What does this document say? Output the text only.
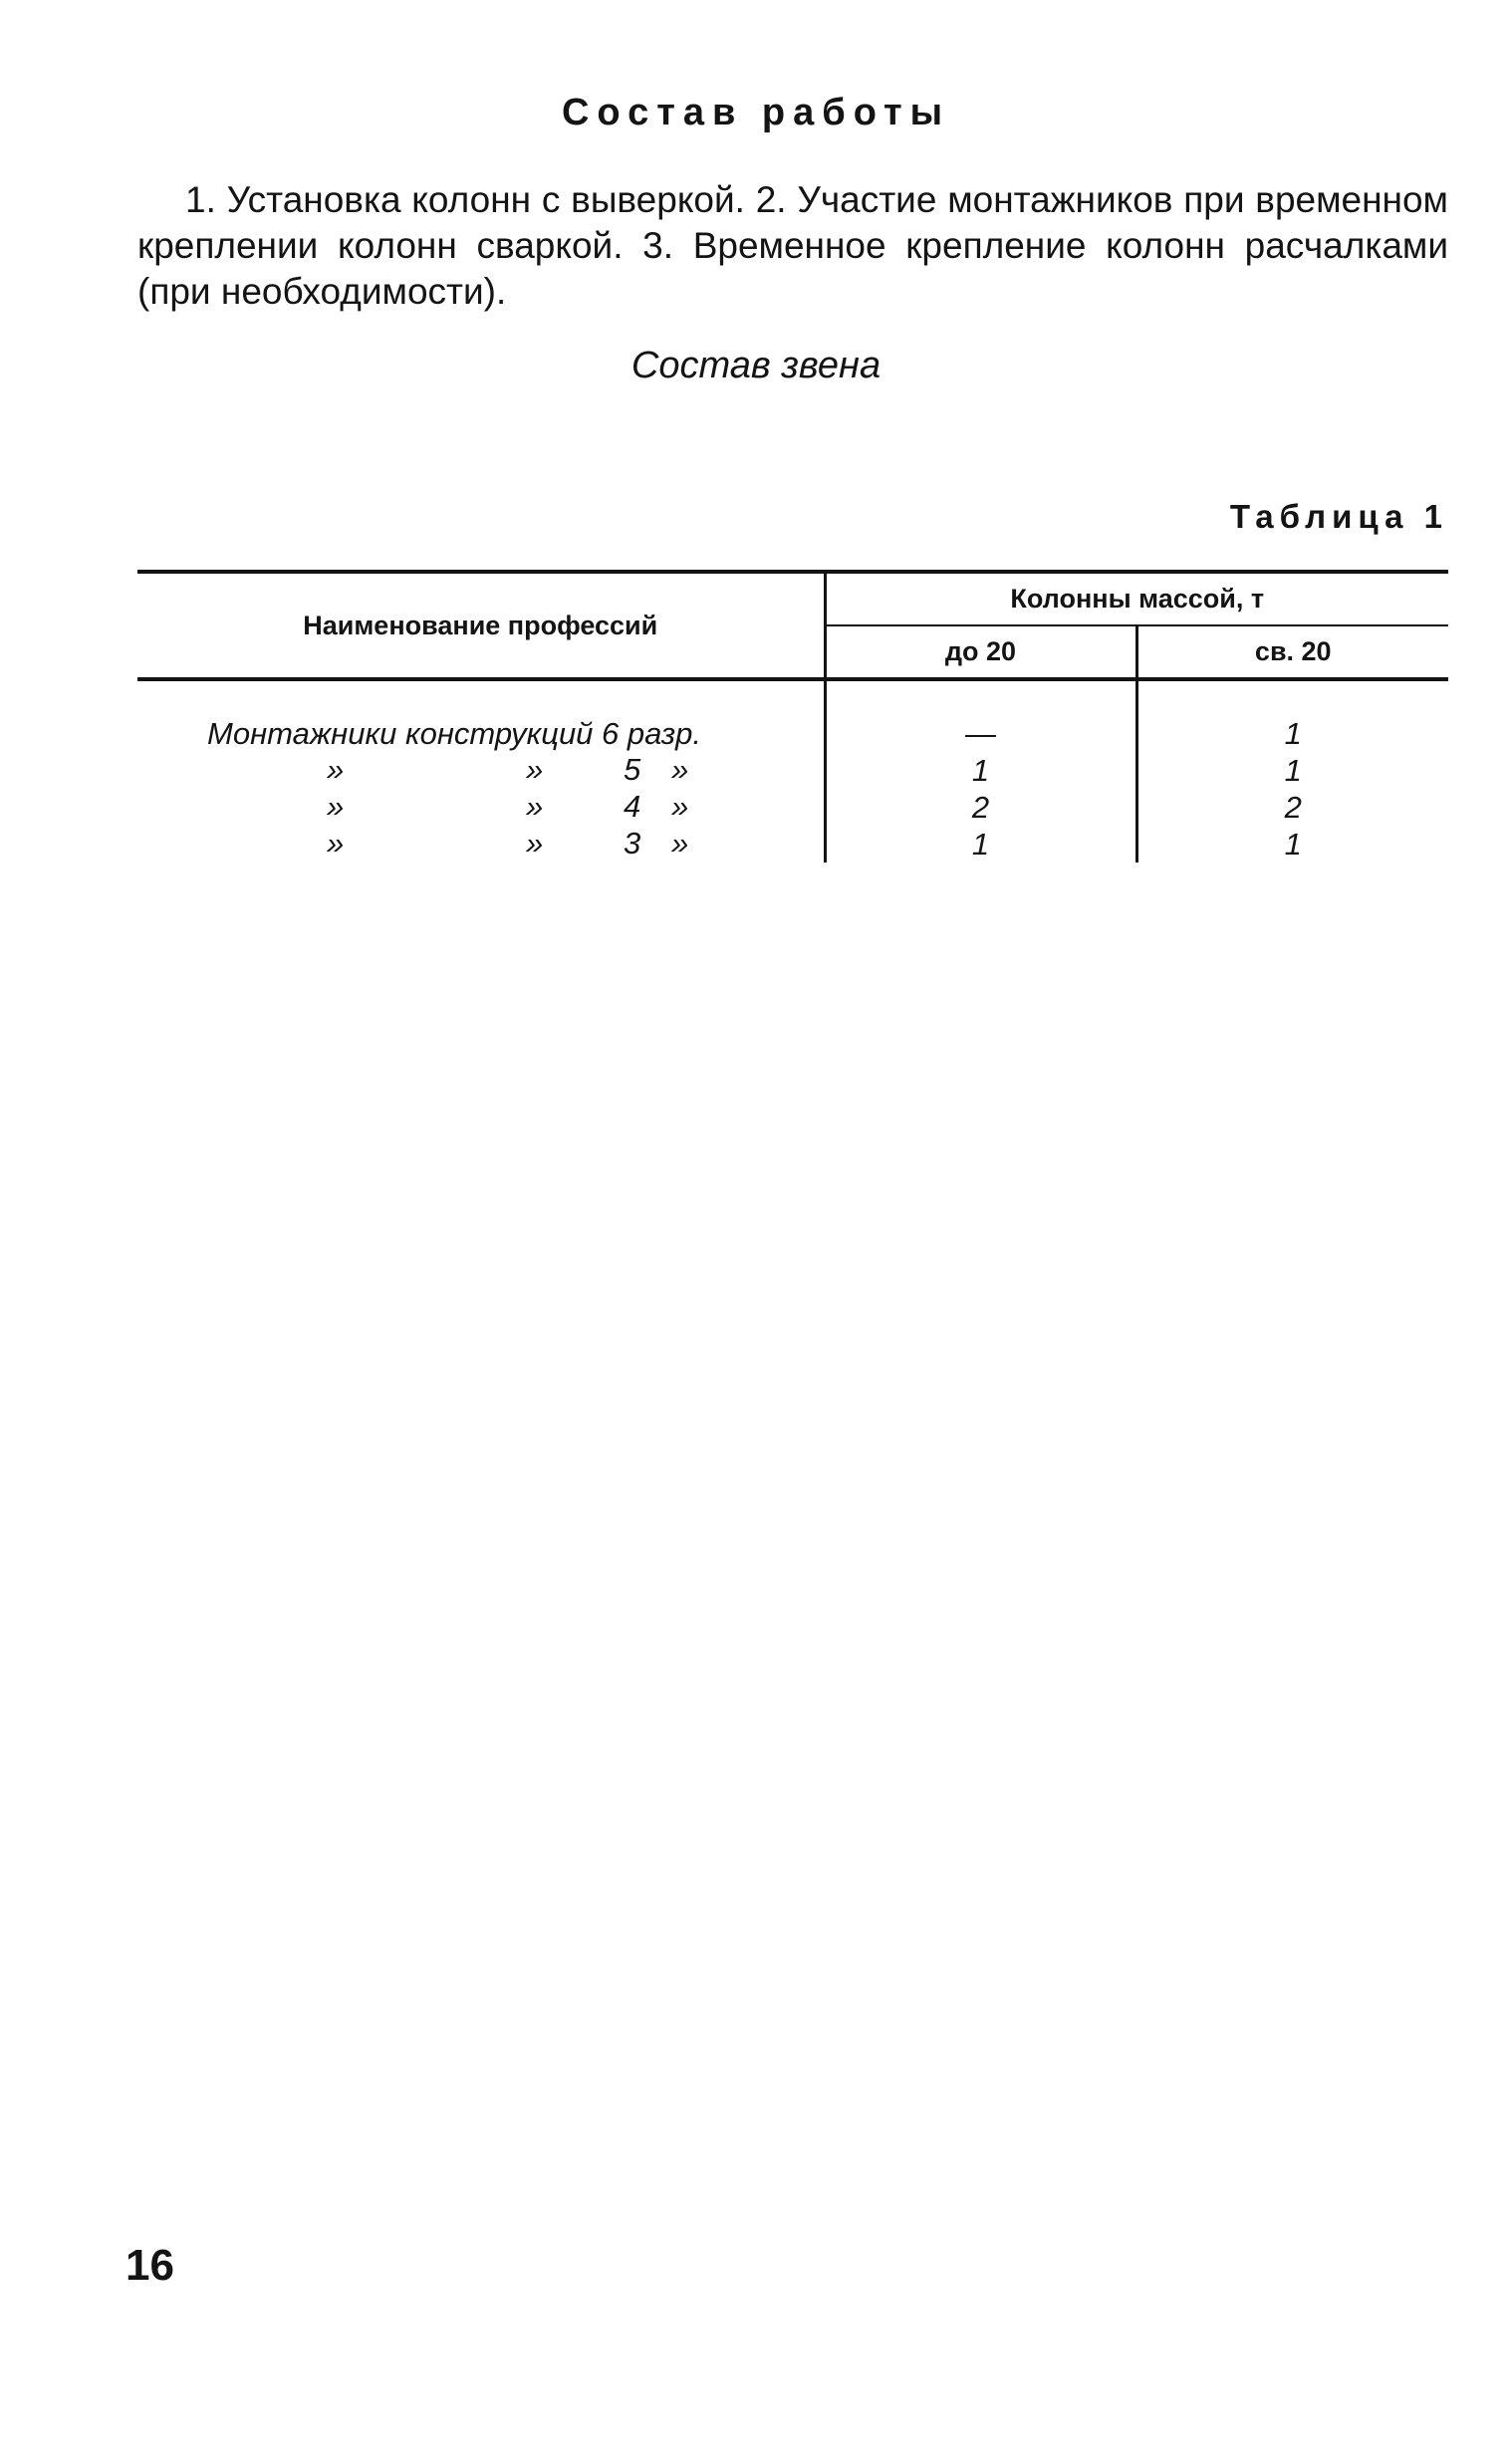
Состав работы
1. Установка колонн с выверкой. 2. Участие монтажников при временном креплении колонн сваркой. 3. Временное крепление колонн расчалками (при необходимости).
Состав звена
Таблица 1
Наименование профессий	Колонны массой, т	
	до 20	св. 20

Монтажники конструкций 6 разр.	—	1

» » 5 »	1	1

» » 4 »	2	2

» » 3 »	1	1
16
